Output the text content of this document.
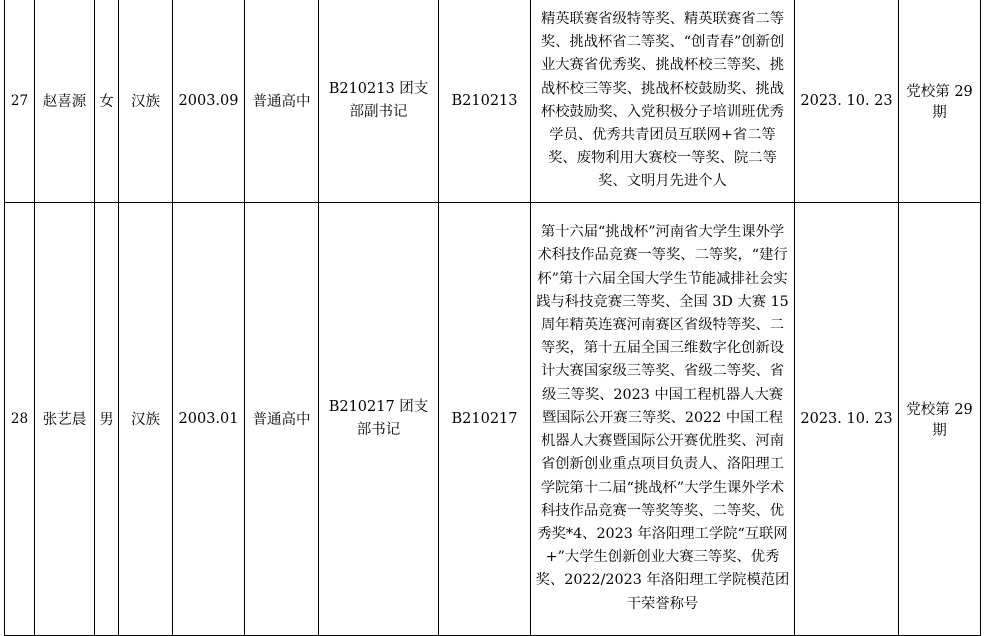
27	赵喜源	女	汉族	2003.09	普通高中	B210213 团支部副书记	B210213	精英联赛省级特等奖、精英联赛省二等奖、挑战杯省二等奖、“创青春”创新创业大赛省优秀奖、挑战杯校三等奖、挑战杯校三等奖、挑战杯校鼓励奖、挑战杯校鼓励奖、入党积极分子培训班优秀学员、优秀共青团员互联网+省二等奖、废物利用大赛校一等奖、院二等奖、文明月先进个人	2023. 10. 23	党校第 29 期
28	张艺晨	男	汉族	2003.01	普通高中	B210217 团支部书记	B210217	第十六届“挑战杯”河南省大学生课外学术科技作品竞赛一等奖、二等奖，“建行杯”第十六届全国大学生节能减排社会实践与科技竞赛三等奖、全国 3D 大赛 15 周年精英连赛河南赛区省级特等奖、二等奖，第十五届全国三维数字化创新设计大赛国家级三等奖、省级二等奖、省级三等奖、2023 中国工程机器人大赛暨国际公开赛三等奖、2022 中国工程机器人大赛暨国际公开赛优胜奖、河南省创新创业重点项目负责人、洛阳理工学院第十二届“挑战杯”大学生课外学术科技作品竞赛一等奖等奖、二等奖、优秀奖*4、2023 年洛阳理工学院“互联网+”大学生创新创业大赛三等奖、优秀奖、2022/2023 年洛阳理工学院模范团干荣誉称号	2023. 10. 23	党校第 29 期
